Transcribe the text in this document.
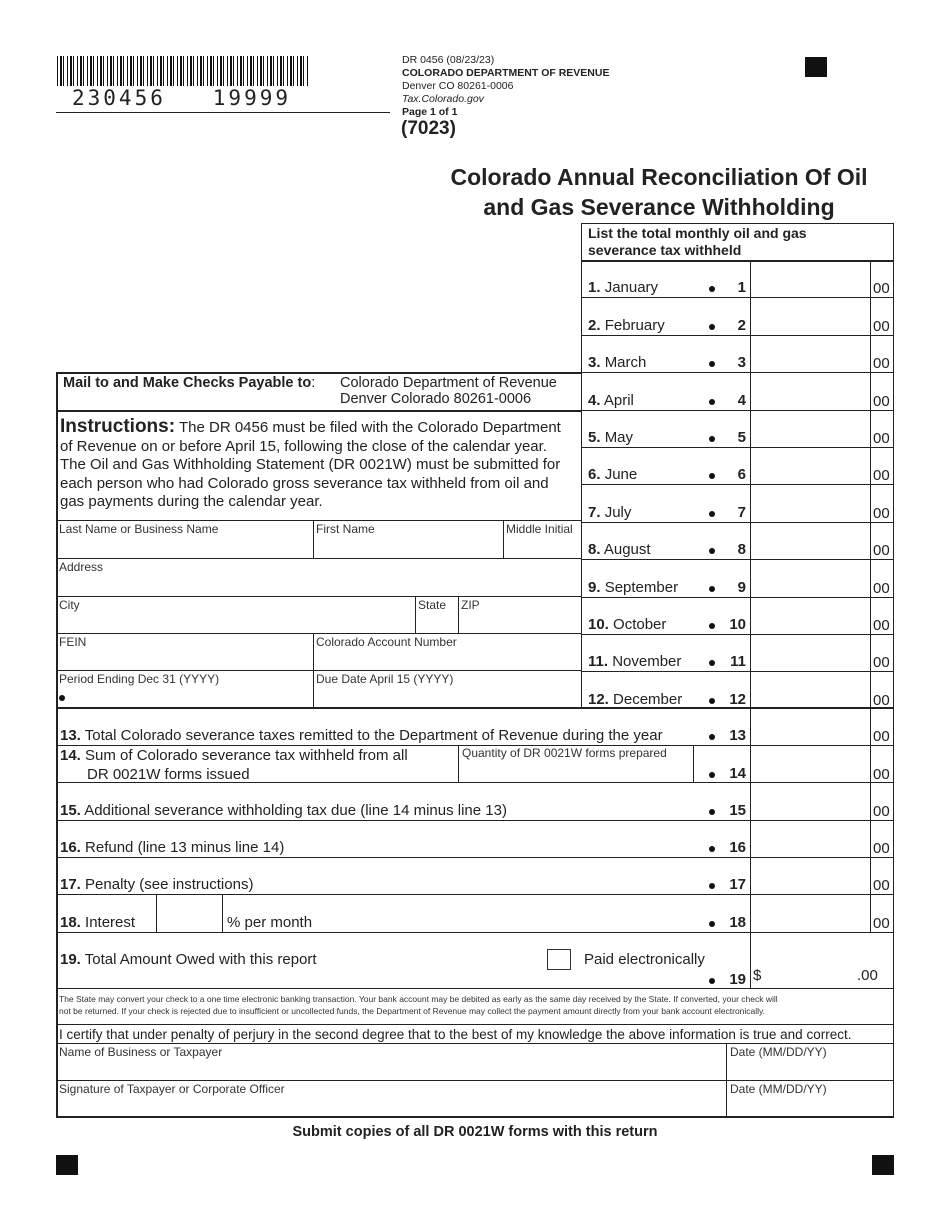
230456   19999
DR 0456 (08/23/23)
COLORADO DEPARTMENT OF REVENUE
Denver CO 80261-0006
Tax.Colorado.gov
Page 1 of 1
(7023)
Colorado Annual Reconciliation Of Oil
and Gas Severance Withholding
List the total monthly oil and gas
severance tax withheld
1. January	1	00
2. February	2	00
3. March	3	00
4. April	4	00
5. May	5	00
6. June	6	00
7. July	7	00
8. August	8	00
9. September	9	00
10. October	10	00
11. November	11	00
12. December	12	00
Mail to and Make Checks Payable to: Colorado Department of Revenue
Denver Colorado 80261-0006
Instructions: The DR 0456 must be filed with the Colorado Department
of Revenue on or before April 15, following the close of the calendar year.
The Oil and Gas Withholding Statement (DR 0021W) must be submitted for
each person who had Colorado gross severance tax withheld from oil and
gas payments during the calendar year.
Last Name or Business Name	First Name	Middle Initial
Address
City	State ZIP
FEIN	Colorado Account Number
Period Ending Dec 31 (YYYY)	Due Date April 15 (YYYY)
13. Total Colorado severance taxes remitted to the Department of Revenue during the year	13	00
14. Sum of Colorado severance tax withheld from all
DR 0021W forms issued
Quantity of DR 0021W forms prepared
14	00
15. Additional severance withholding tax due (line 14 minus line 13)	15	00
16. Refund (line 13 minus line 14)	16	00
17. Penalty (see instructions)	17	00
18. Interest	% per month	18	00
19. Total Amount Owed with this report	Paid electronically
19 $	.00
The State may convert your check to a one time electronic banking transaction. Your bank account may be debited as early as the same day received by the State. If converted, your check will
not be returned. If your check is rejected due to insufficient or uncollected funds, the Department of Revenue may collect the payment amount directly from your bank account electronically.
I certify that under penalty of perjury in the second degree that to the best of my knowledge the above information is true and correct.
Name of Business or Taxpayer	Date (MM/DD/YY)
Signature of Taxpayer or Corporate Officer	Date (MM/DD/YY)
Submit copies of all DR 0021W forms with this return
